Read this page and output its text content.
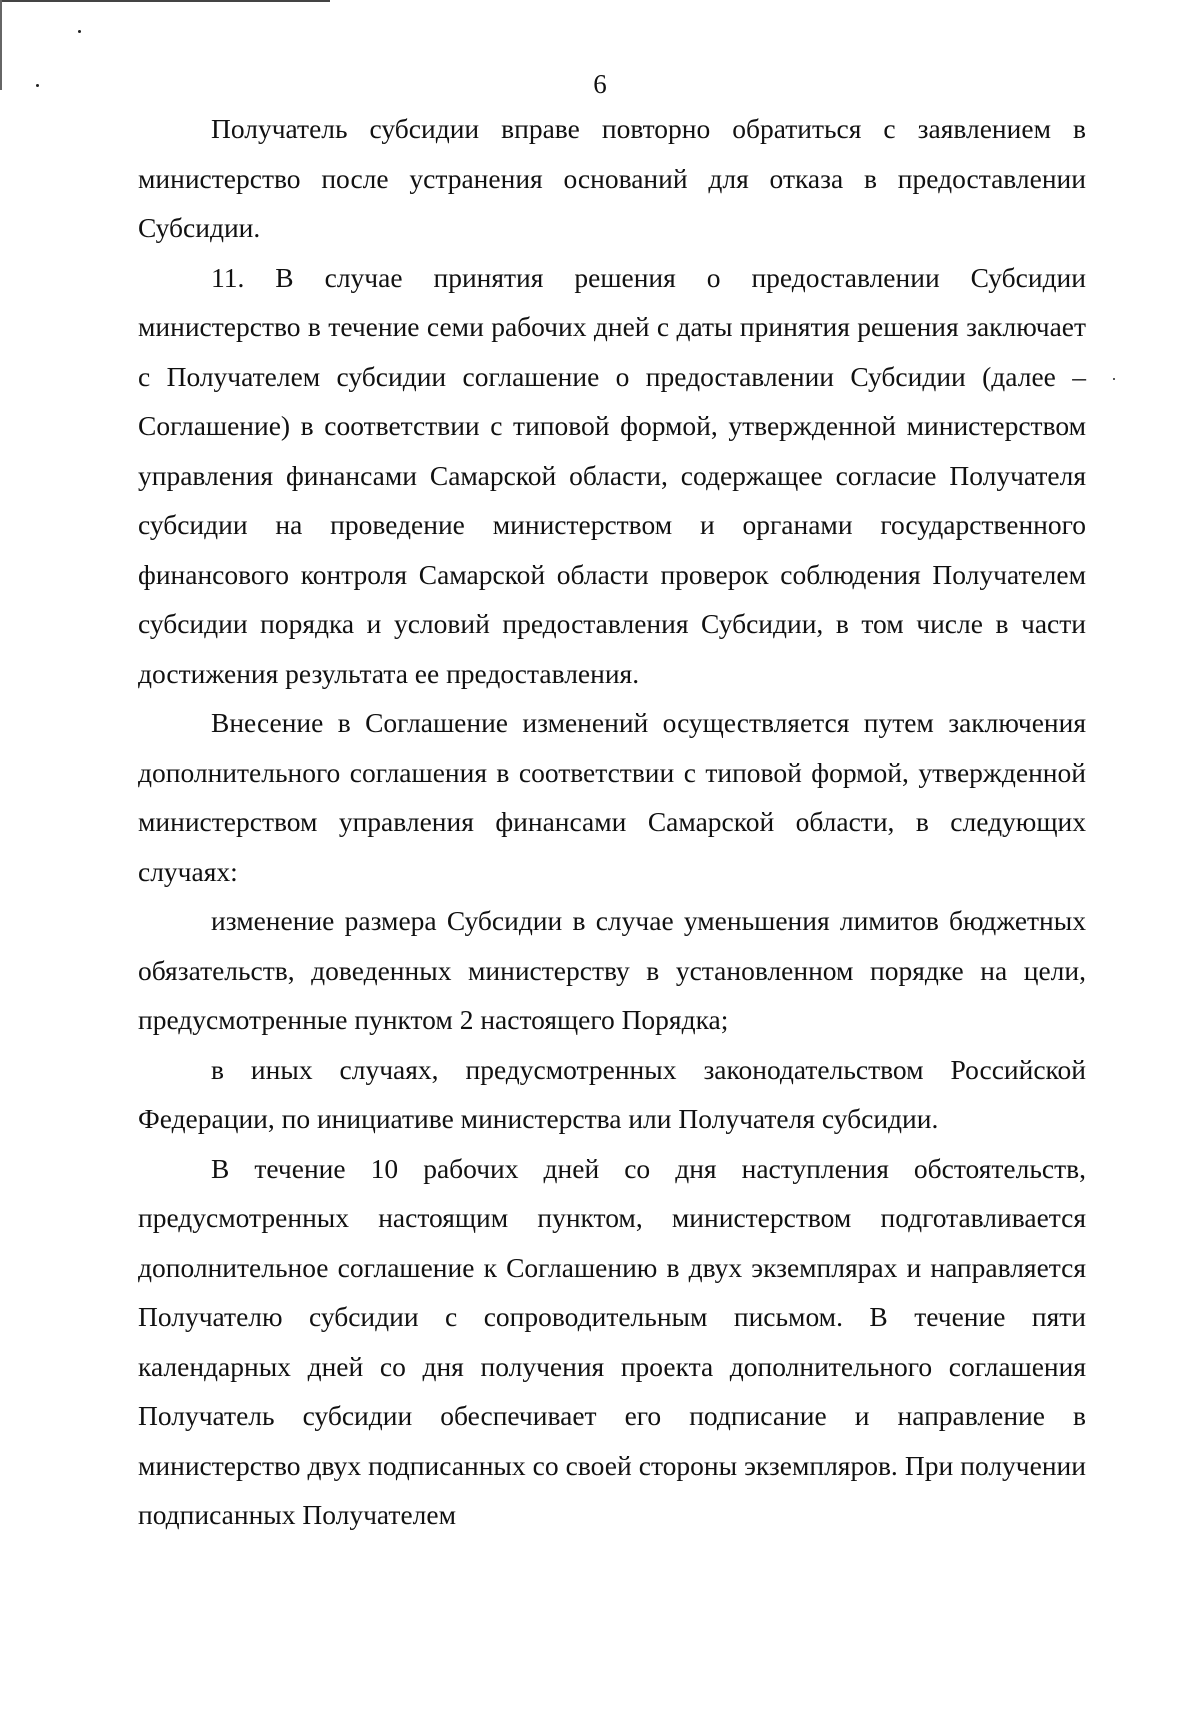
6

Получатель субсидии вправе повторно обратиться с заявлением в министерство после устранения оснований для отказа в предоставлении Субсидии.

11. В случае принятия решения о предоставлении Субсидии министерство в течение семи рабочих дней с даты принятия решения заключает с Получателем субсидии соглашение о предоставлении Субсидии (далее – Соглашение) в соответствии с типовой формой, утвержденной министерством управления финансами Самарской области, содержащее согласие Получателя субсидии на проведение министерством и органами государственного финансового контроля Самарской области проверок соблюдения Получателем субсидии порядка и условий предоставления Субсидии, в том числе в части достижения результата ее предоставления.

Внесение в Соглашение изменений осуществляется путем заключения дополнительного соглашения в соответствии с типовой формой, утвержденной министерством управления финансами Самарской области, в следующих случаях:

изменение размера Субсидии в случае уменьшения лимитов бюджетных обязательств, доведенных министерству в установленном порядке на цели, предусмотренные пунктом 2 настоящего Порядка;

в иных случаях, предусмотренных законодательством Российской Федерации, по инициативе министерства или Получателя субсидии.

В течение 10 рабочих дней со дня наступления обстоятельств, предусмотренных настоящим пунктом, министерством подготавливается дополнительное соглашение к Соглашению в двух экземплярах и направляется Получателю субсидии с сопроводительным письмом. В течение пяти календарных дней со дня получения проекта дополнительного соглашения Получатель субсидии обеспечивает его подписание и направление в министерство двух подписанных со своей стороны экземпляров. При получении подписанных Получателем
